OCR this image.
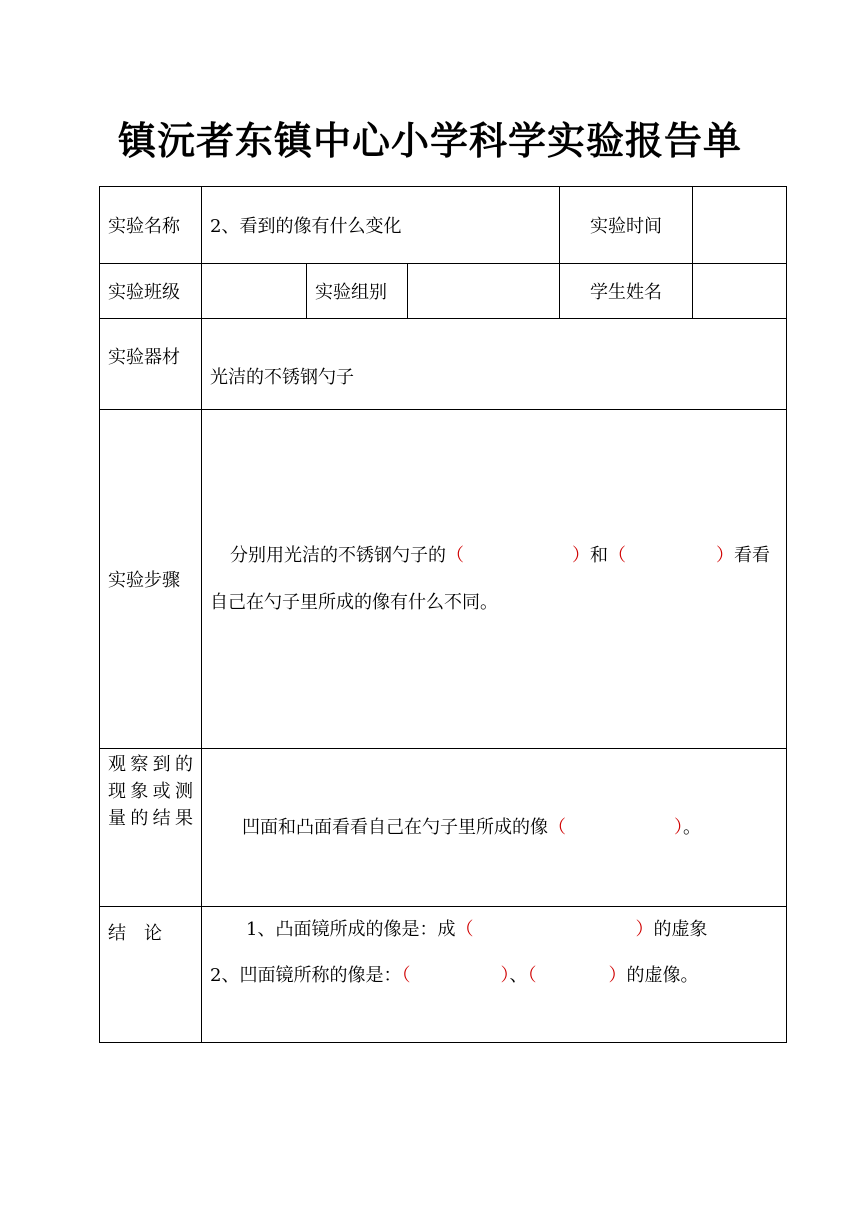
镇沅者东镇中心小学科学实验报告单
实验名称	2、看到的像有什么变化			实验时间	
实验班级		实验组别		学生姓名	

实验器材	光洁的不锈钢勺子				

实验步骤	分别用光洁的不锈钢勺子的（　　　　　　）和（　　　　　）看看
自己在勺子里所成的像有什么不同。				

观察到的现象或测量的结果	凹面和凸面看看自己在勺子里所成的像（　　　　　　）。				

结　论	1、凸面镜所成的像是：成（　　　　　　　　　）的虚象
2、凹面镜所称的像是：（　　　　　）、（　　　　）的虚像。				
